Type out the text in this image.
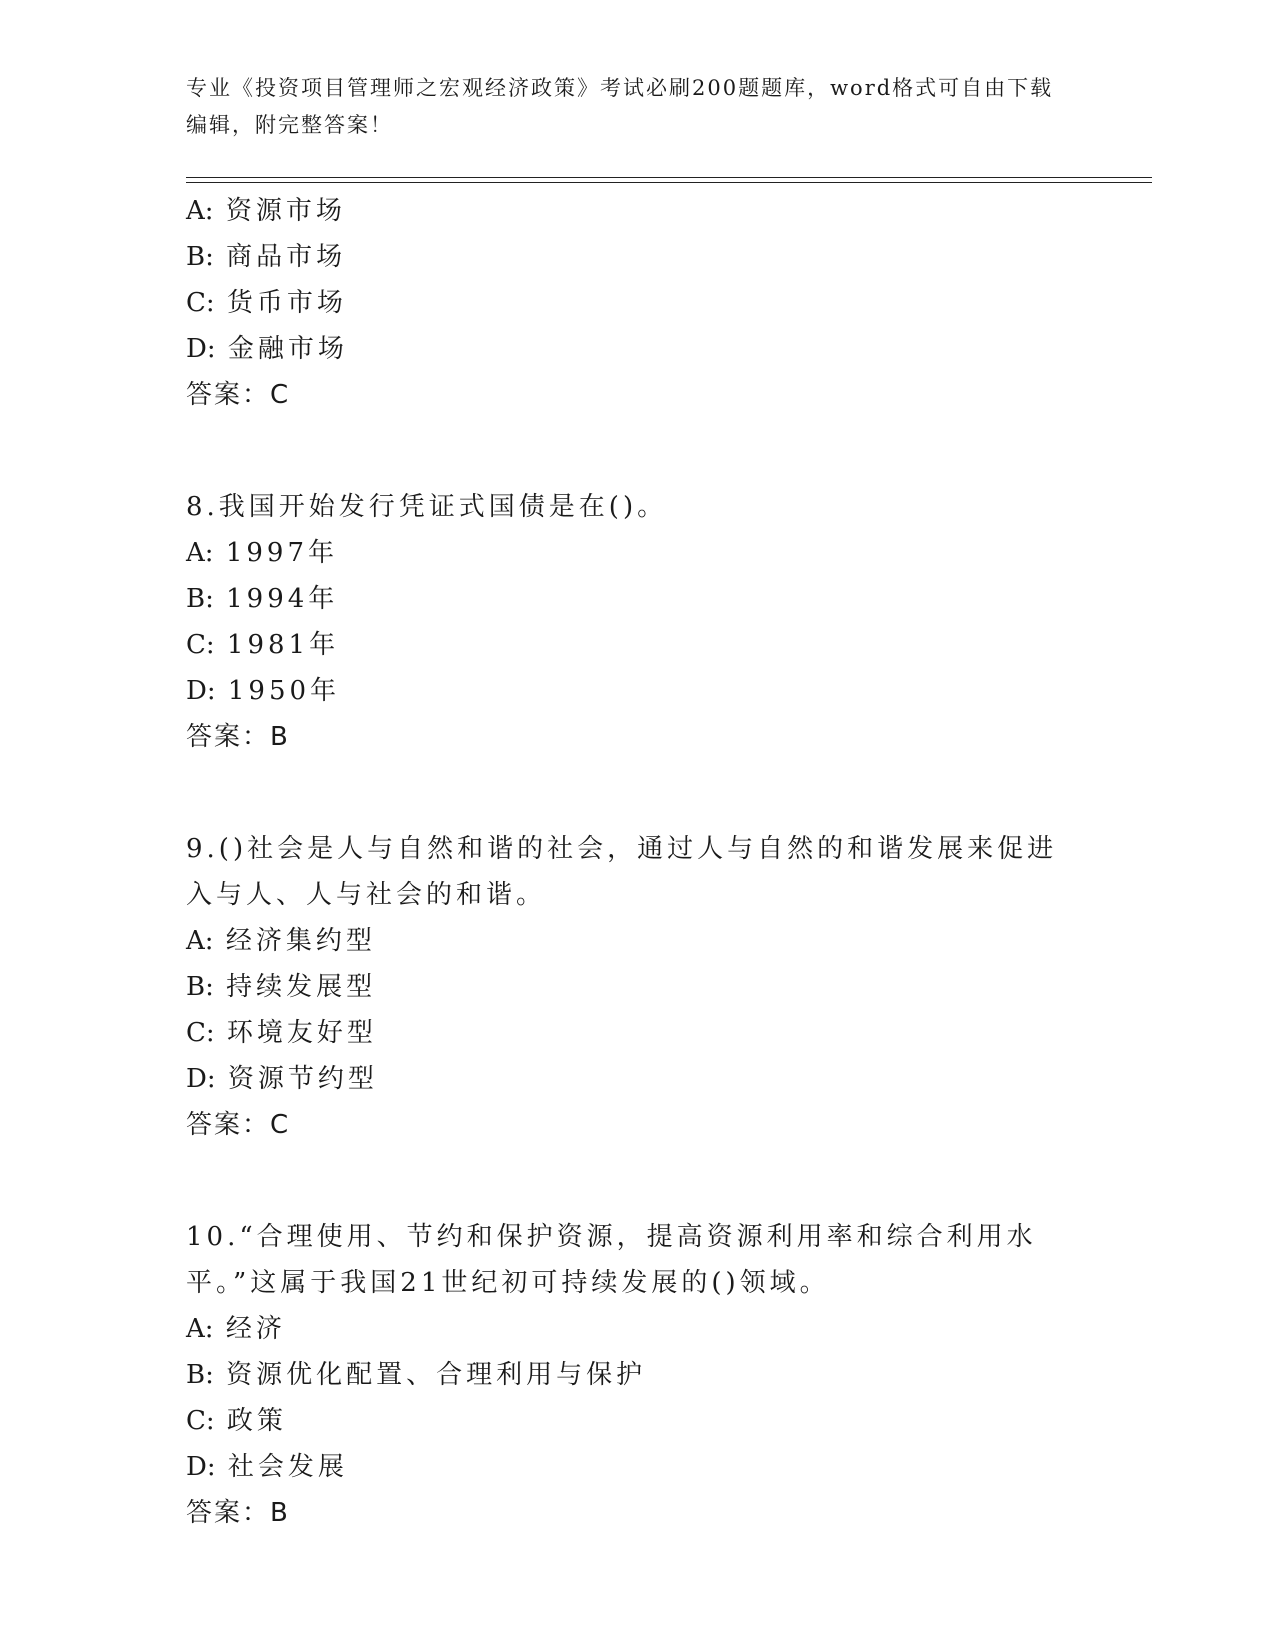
专业《投资项目管理师之宏观经济政策》考试必刷200题题库，word格式可自由下载编辑，附完整答案！
A: 资源市场
B: 商品市场
C: 货币市场
D: 金融市场
答案：C
8.我国开始发行凭证式国债是在()。
A: 1997年
B: 1994年
C: 1981年
D: 1950年
答案：B
9.()社会是人与自然和谐的社会，通过人与自然的和谐发展来促进入与人、人与社会的和谐。
A: 经济集约型
B: 持续发展型
C: 环境友好型
D: 资源节约型
答案：C
10.“合理使用、节约和保护资源，提高资源利用率和综合利用水平。”这属于我国21世纪初可持续发展的()领域。
A: 经济
B: 资源优化配置、合理利用与保护
C: 政策
D: 社会发展
答案：B
